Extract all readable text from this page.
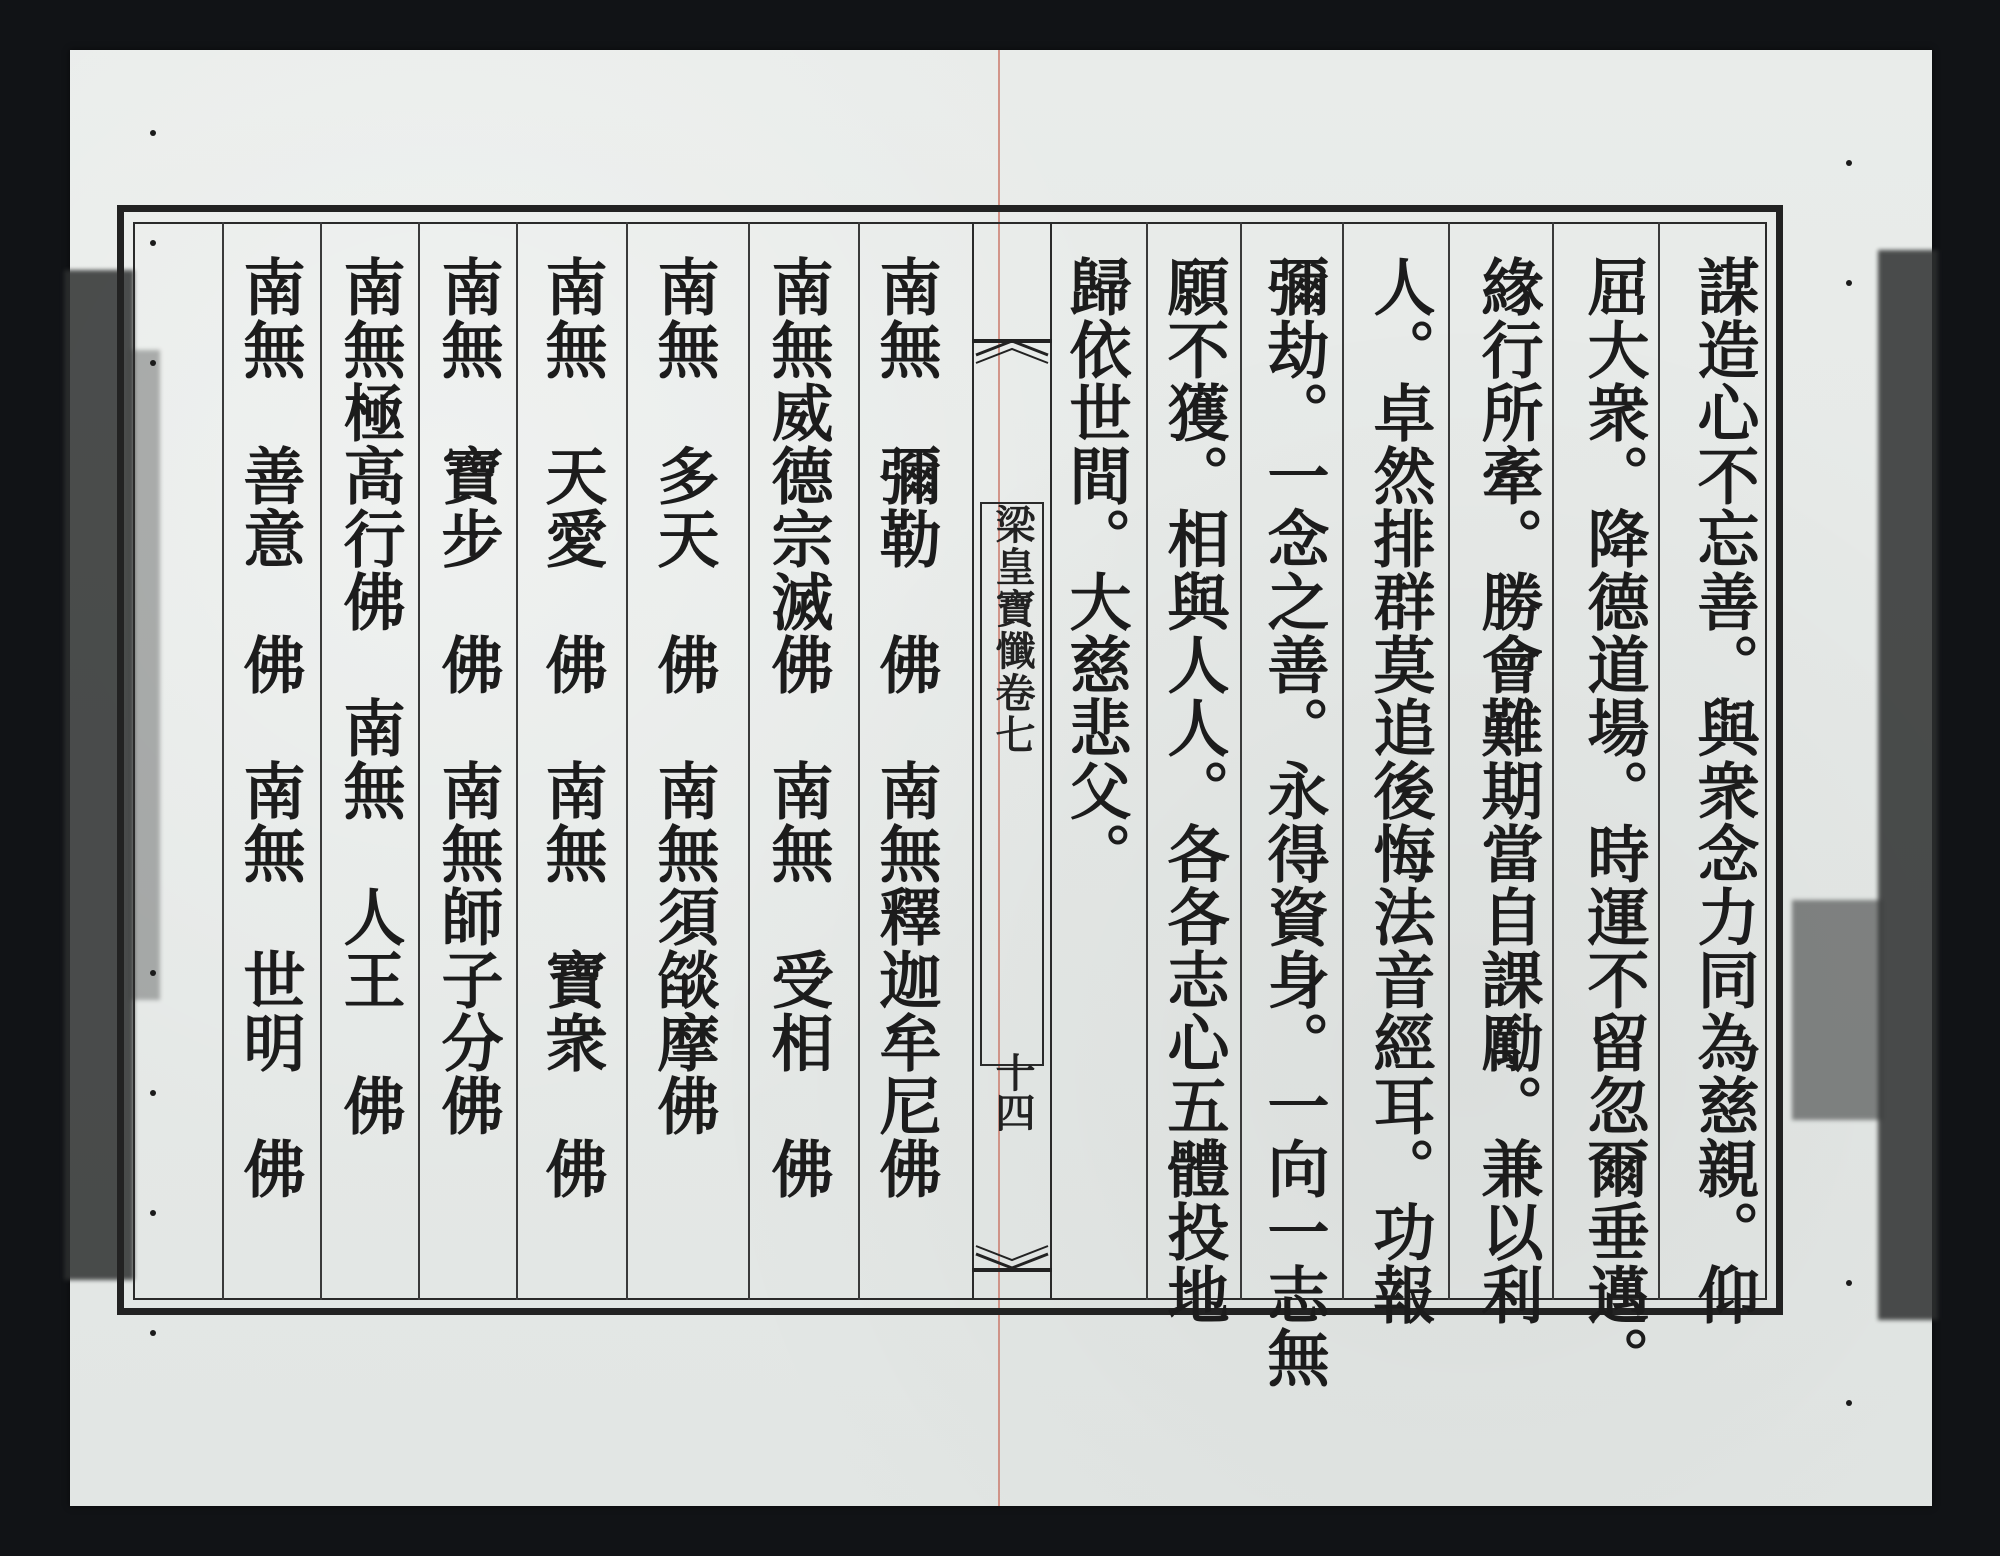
謀造心不忘善。與衆念力同為慈親。仰
屈大衆。降德道場。時運不留忽爾垂邁。
緣行所牽。勝會難期當自課勵。兼以利
人。卓然排群莫追後悔法音經耳。功報
彌劫。一念之善。永得資身。一向一志無
願不獲。相與人人。各各志心五體投地
歸依世間。大慈悲父。
梁皇寶懺卷七
十四
南無　彌勒　佛　南無釋迦牟尼佛
南無威德宗滅佛　南無　受相　佛
南無　多天　佛　南無須燄摩佛
南無　天愛　佛　南無　寶衆　佛
南無　寶步　佛　南無師子分佛
南無極高行佛　南無　人王　佛
南無　善意　佛　南無　世明　佛
